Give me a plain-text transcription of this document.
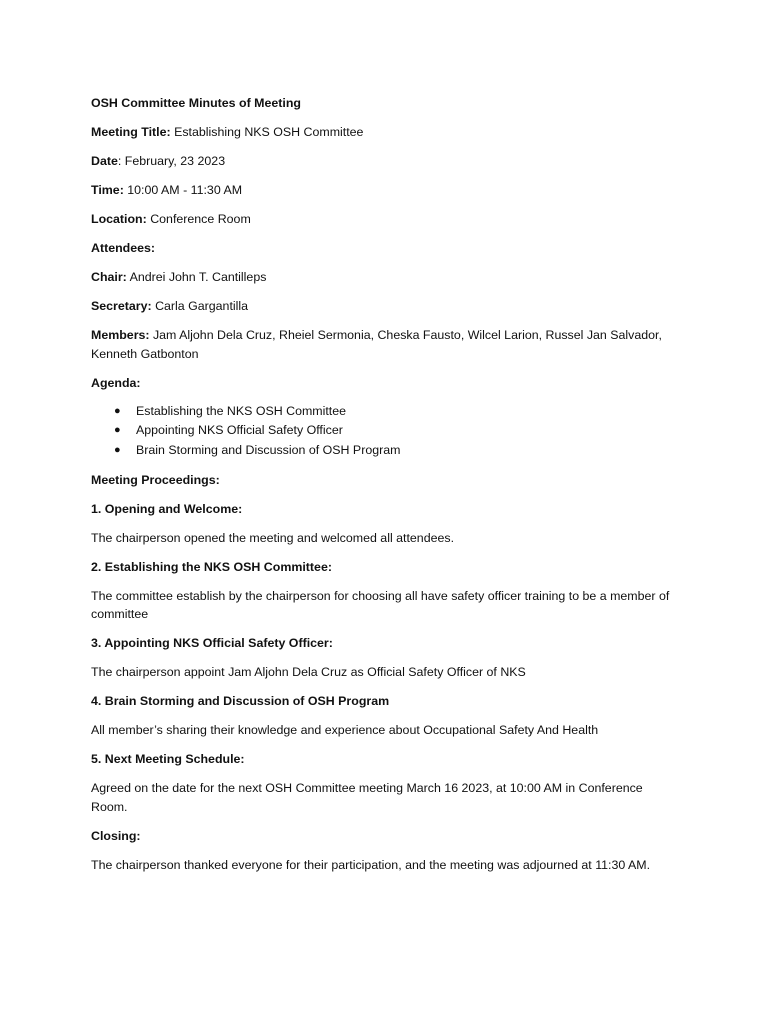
OSH Committee Minutes of Meeting

Meeting Title: Establishing NKS OSH Committee

Date: February, 23 2023

Time: 10:00 AM - 11:30 AM

Location: Conference Room

Attendees:

Chair: Andrei John T. Cantilleps

Secretary: Carla Gargantilla

Members: Jam Aljohn Dela Cruz, Rheiel Sermonia, Cheska Fausto, Wilcel Larion, Russel Jan Salvador, Kenneth Gatbonton

Agenda:

● Establishing the NKS OSH Committee
● Appointing NKS Official Safety Officer
● Brain Storming and Discussion of OSH Program

Meeting Proceedings:

1. Opening and Welcome:

The chairperson opened the meeting and welcomed all attendees.

2. Establishing the NKS OSH Committee:

The committee establish by the chairperson for choosing all have safety officer training to be a member of committee

3. Appointing NKS Official Safety Officer:

The chairperson appoint Jam Aljohn Dela Cruz as Official Safety Officer of NKS

4. Brain Storming and Discussion of OSH Program

All member’s sharing their knowledge and experience about Occupational Safety And Health

5. Next Meeting Schedule:

Agreed on the date for the next OSH Committee meeting March 16 2023, at 10:00 AM in Conference Room.

Closing:

The chairperson thanked everyone for their participation, and the meeting was adjourned at 11:30 AM.
